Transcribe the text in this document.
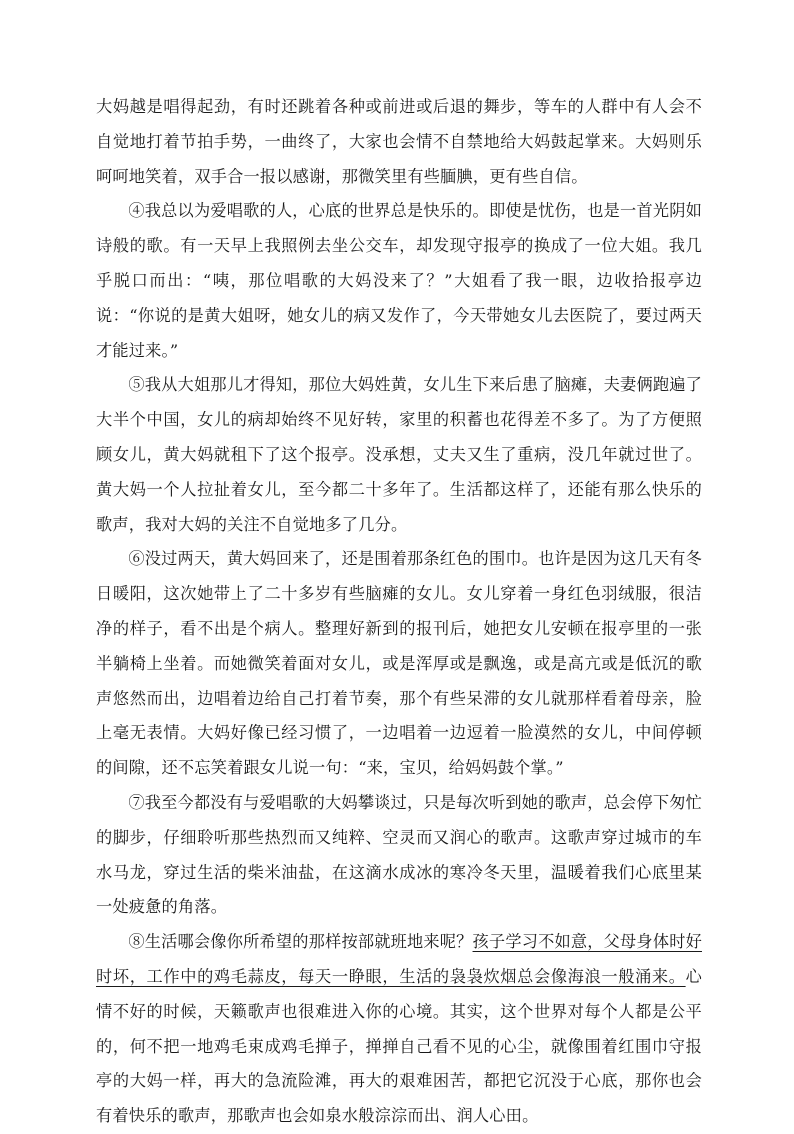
大妈越是唱得起劲，有时还跳着各种或前进或后退的舞步，等车的人群中有人会不自觉地打着节拍手势，一曲终了，大家也会情不自禁地给大妈鼓起掌来。大妈则乐呵呵地笑着，双手合一报以感谢，那微笑里有些腼腆，更有些自信。

④我总以为爱唱歌的人，心底的世界总是快乐的。即使是忧伤，也是一首光阴如诗般的歌。有一天早上我照例去坐公交车，却发现守报亭的换成了一位大姐。我几乎脱口而出：“咦，那位唱歌的大妈没来了？”大姐看了我一眼，边收拾报亭边说：“你说的是黄大姐呀，她女儿的病又发作了，今天带她女儿去医院了，要过两天才能过来。”

⑤我从大姐那儿才得知，那位大妈姓黄，女儿生下来后患了脑瘫，夫妻俩跑遍了大半个中国，女儿的病却始终不见好转，家里的积蓄也花得差不多了。为了方便照顾女儿，黄大妈就租下了这个报亭。没承想，丈夫又生了重病，没几年就过世了。黄大妈一个人拉扯着女儿，至今都二十多年了。生活都这样了，还能有那么快乐的歌声，我对大妈的关注不自觉地多了几分。

⑥没过两天，黄大妈回来了，还是围着那条红色的围巾。也许是因为这几天有冬日暖阳，这次她带上了二十多岁有些脑瘫的女儿。女儿穿着一身红色羽绒服，很洁净的样子，看不出是个病人。整理好新到的报刊后，她把女儿安顿在报亭里的一张半躺椅上坐着。而她微笑着面对女儿，或是浑厚或是飘逸，或是高亢或是低沉的歌声悠然而出，边唱着边给自己打着节奏，那个有些呆滞的女儿就那样看着母亲，脸上毫无表情。大妈好像已经习惯了，一边唱着一边逗着一脸漠然的女儿，中间停顿的间隙，还不忘笑着跟女儿说一句：“来，宝贝，给妈妈鼓个掌。”

⑦我至今都没有与爱唱歌的大妈攀谈过，只是每次听到她的歌声，总会停下匆忙的脚步，仔细聆听那些热烈而又纯粹、空灵而又润心的歌声。这歌声穿过城市的车水马龙，穿过生活的柴米油盐，在这滴水成冰的寒冷冬天里，温暖着我们心底里某一处疲惫的角落。

⑧生活哪会像你所希望的那样按部就班地来呢？孩子学习不如意，父母身体时好时坏，工作中的鸡毛蒜皮，每天一睁眼，生活的袅袅炊烟总会像海浪一般涌来。心情不好的时候，天籁歌声也很难进入你的心境。其实，这个世界对每个人都是公平的，何不把一地鸡毛束成鸡毛掸子，掸掸自己看不见的心尘，就像围着红围巾守报亭的大妈一样，再大的急流险滩，再大的艰难困苦，都把它沉没于心底，那你也会有着快乐的歌声，那歌声也会如泉水般淙淙而出、润人心田。
